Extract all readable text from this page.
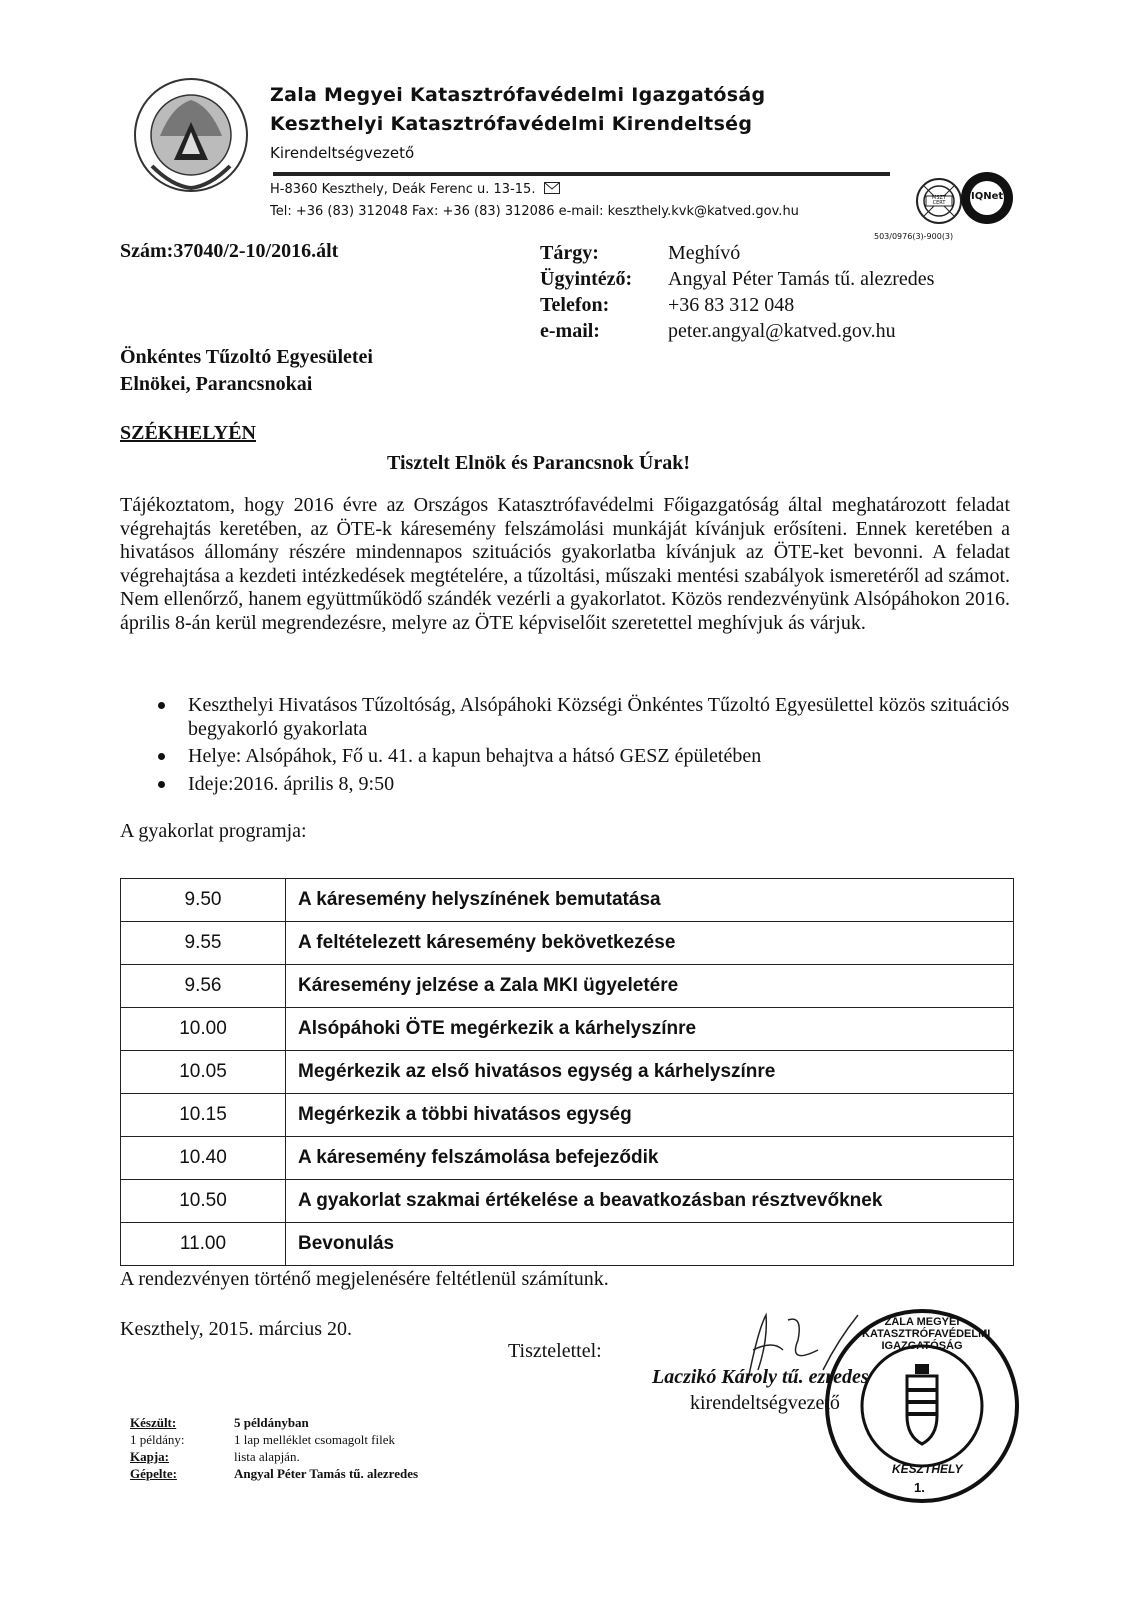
Zala Megyei Katasztrófavédelmi Igazgatóság
Keszthelyi Katasztrófavédelmi Kirendeltség
Kirendeltségvezető
H-8360 Keszthely, Deák Ferenc u. 13-15.
Tel: +36 (83) 312048 Fax: +36 (83) 312086 e-mail: keszthely.kvk@katved.gov.hu
MSZT CERT
IQNet
503/0976(3)-900(3)
Szám:37040/2-10/2016.ált	Tárgy:	Meghívó
Ügyintéző:	Angyal Péter Tamás tű. alezredes
Telefon:	+36 83 312 048
e-mail:	peter.angyal@katved.gov.hu
Önkéntes Tűzoltó Egyesületei
Elnökei, Parancsnokai
SZÉKHELYÉN
Tisztelt Elnök és Parancsnok Úrak!
Tájékoztatom, hogy 2016 évre az Országos Katasztrófavédelmi Főigazgatóság által meghatározott feladat végrehajtás keretében, az ÖTE-k káresemény felszámolási munkáját kívánjuk erősíteni. Ennek keretében a hivatásos állomány részére mindennapos szituációs gyakorlatba kívánjuk az ÖTE-ket bevonni. A feladat végrehajtása a kezdeti intézkedések megtételére, a tűzoltási, műszaki mentési szabályok ismeretéről ad számot. Nem ellenőrző, hanem együttműködő szándék vezérli a gyakorlatot. Közös rendezvényünk Alsópáhokon 2016. április 8-án kerül megrendezésre, melyre az ÖTE képviselőit szeretettel meghívjuk ás várjuk.
Keszthelyi Hivatásos Tűzoltóság, Alsópáhoki Községi Önkéntes Tűzoltó Egyesülettel közös szituációs begyakorló gyakorlata
Helye: Alsópáhok, Fő u. 41. a kapun behajtva a hátsó GESZ épületében
Ideje:2016. április 8, 9:50
A gyakorlat programja:
9.50	A káresemény helyszínének bemutatása
9.55	A feltételezett káresemény bekövetkezése
9.56	Káresemény jelzése a Zala MKI ügyeletére
10.00	Alsópáhoki ÖTE megérkezik a kárhelyszínre
10.05	Megérkezik az első hivatásos egység a kárhelyszínre
10.15	Megérkezik a többi hivatásos egység
10.40	A káresemény felszámolása befejeződik
10.50	A gyakorlat szakmai értékelése a beavatkozásban résztvevőknek
11.00	Bevonulás
A rendezvényen történő megjelenésére feltétlenül számítunk.
Keszthely, 2015. március 20.
Tisztelettel:
Laczikó Károly tű. ezredes
kirendeltségvezető
ZALA MEGYEI KATASZTRÓFAVÉDELMI IGAZGATÓSÁG
KESZTHELY
1.
Készült:	5 példányban
1 példány:	1 lap melléklet csomagolt filek
Kapja:	lista alapján.
Gépelte:	Angyal Péter Tamás tű. alezredes
